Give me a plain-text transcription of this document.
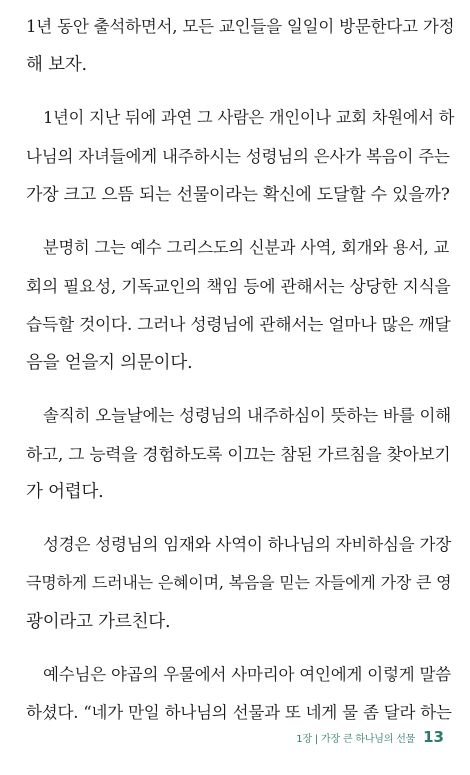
1년 동안 출석하면서, 모든 교인들을 일일이 방문한다고 가정
해 보자.
1년이 지난 뒤에 과연 그 사람은 개인이나 교회 차원에서 하
나님의 자녀들에게 내주하시는 성령님의 은사가 복음이 주는
가장 크고 으뜸 되는 선물이라는 확신에 도달할 수 있을까?
분명히 그는 예수 그리스도의 신분과 사역, 회개와 용서, 교
회의 필요성, 기독교인의 책임 등에 관해서는 상당한 지식을
습득할 것이다. 그러나 성령님에 관해서는 얼마나 많은 깨달
음을 얻을지 의문이다.
솔직히 오늘날에는 성령님의 내주하심이 뜻하는 바를 이해
하고, 그 능력을 경험하도록 이끄는 참된 가르침을 찾아보기
가 어렵다.
성경은 성령님의 임재와 사역이 하나님의 자비하심을 가장
극명하게 드러내는 은혜이며, 복음을 믿는 자들에게 가장 큰 영
광이라고 가르친다.
예수님은 야곱의 우물에서 사마리아 여인에게 이렇게 말씀
하셨다. “네가 만일 하나님의 선물과 또 네게 물 좀 달라 하는
1장 | 가장 큰 하나님의 선물 13
